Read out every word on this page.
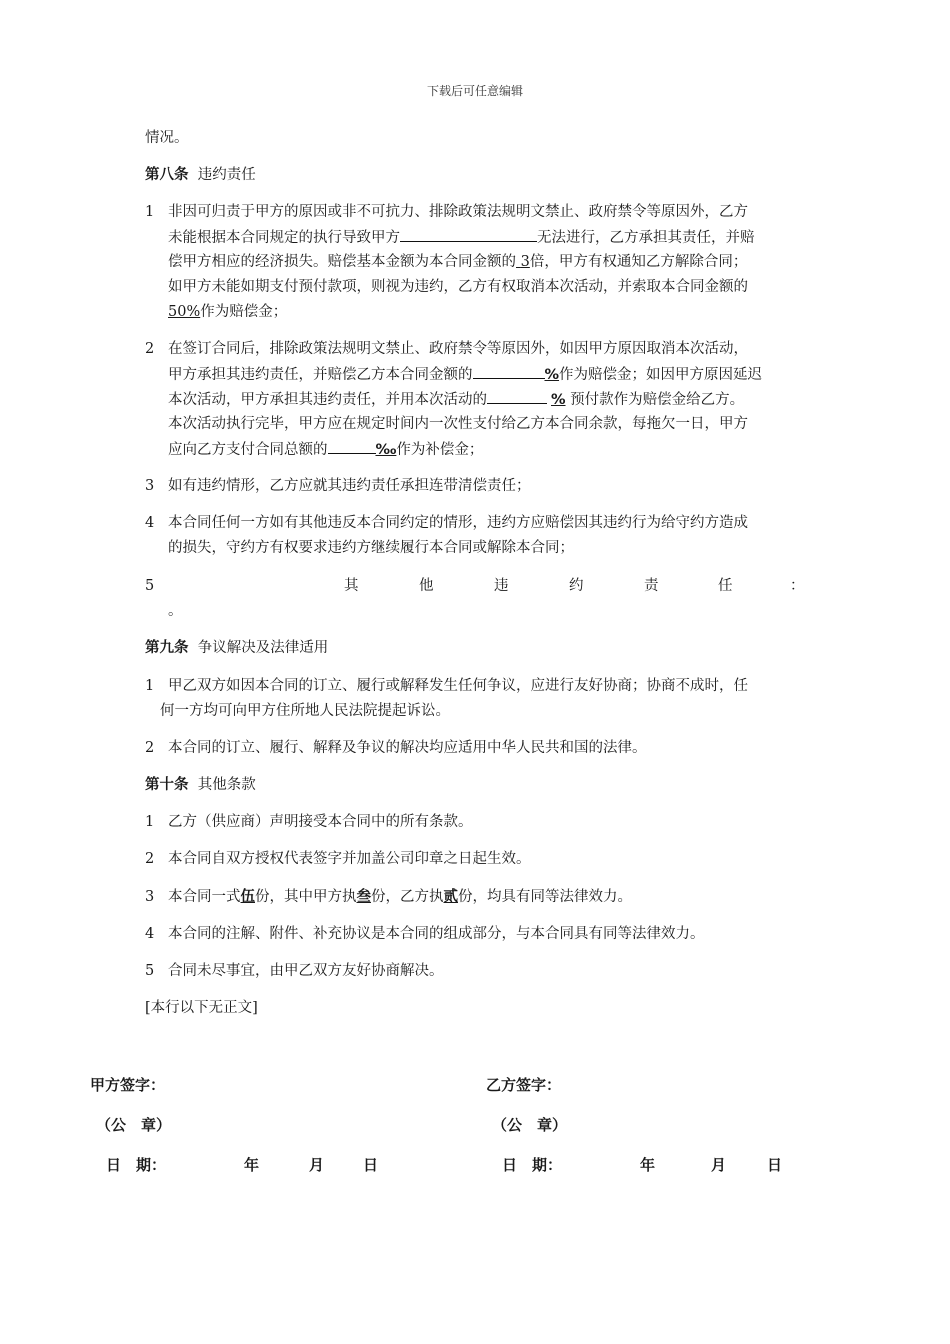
下载后可任意编辑
情况。
第八条 违约责任
1 非因可归责于甲方的原因或非不可抗力、排除政策法规明文禁止、政府禁令等原因外，乙方
未能根据本合同规定的执行导致甲方	无法进行，乙方承担其责任，并赔
偿甲方相应的经济损失。赔偿基本金额为本合同金额的 3倍，甲方有权通知乙方解除合同；
如甲方未能如期支付预付款项，则视为违约，乙方有权取消本次活动，并索取本合同金额的
50%作为赔偿金；
2 在签订合同后，排除政策法规明文禁止、政府禁令等原因外，如因甲方原因取消本次活动，
甲方承担其违约责任，并赔偿乙方本合同金额的	%作为赔偿金；如因甲方原因延迟
本次活动，甲方承担其违约责任，并用本次活动的	% 预付款作为赔偿金给乙方。
本次活动执行完毕，甲方应在规定时间内一次性支付给乙方本合同余款，每拖欠一日，甲方
应向乙方支付合同总额的	‰作为补偿金；
3 如有违约情形，乙方应就其违约责任承担连带清偿责任；
4 本合同任何一方如有其他违反本合同约定的情形，违约方应赔偿因其违约行为给守约方造成
的损失，守约方有权要求违约方继续履行本合同或解除本合同；
5	其	他	违	约	责	任	：
。
第九条 争议解决及法律适用
1 甲乙双方如因本合同的订立、履行或解释发生任何争议，应进行友好协商；协商不成时，任
何一方均可向甲方住所地人民法院提起诉讼。
2 本合同的订立、履行、解释及争议的解决均应适用中华人民共和国的法律。
第十条 其他条款
1 乙方（供应商）声明接受本合同中的所有条款。
2 本合同自双方授权代表签字并加盖公司印章之日起生效。
3 本合同一式伍份，其中甲方执叁份，乙方执贰份，均具有同等法律效力。
4 本合同的注解、附件、补充协议是本合同的组成部分，与本合同具有同等法律效力。
5 合同未尽事宜，由甲乙双方友好协商解决。
[本行以下无正文]
甲方签字：	乙方签字：
（公　章）	（公　章）
日　期：	年	月	日	日　期：	年	月	日
